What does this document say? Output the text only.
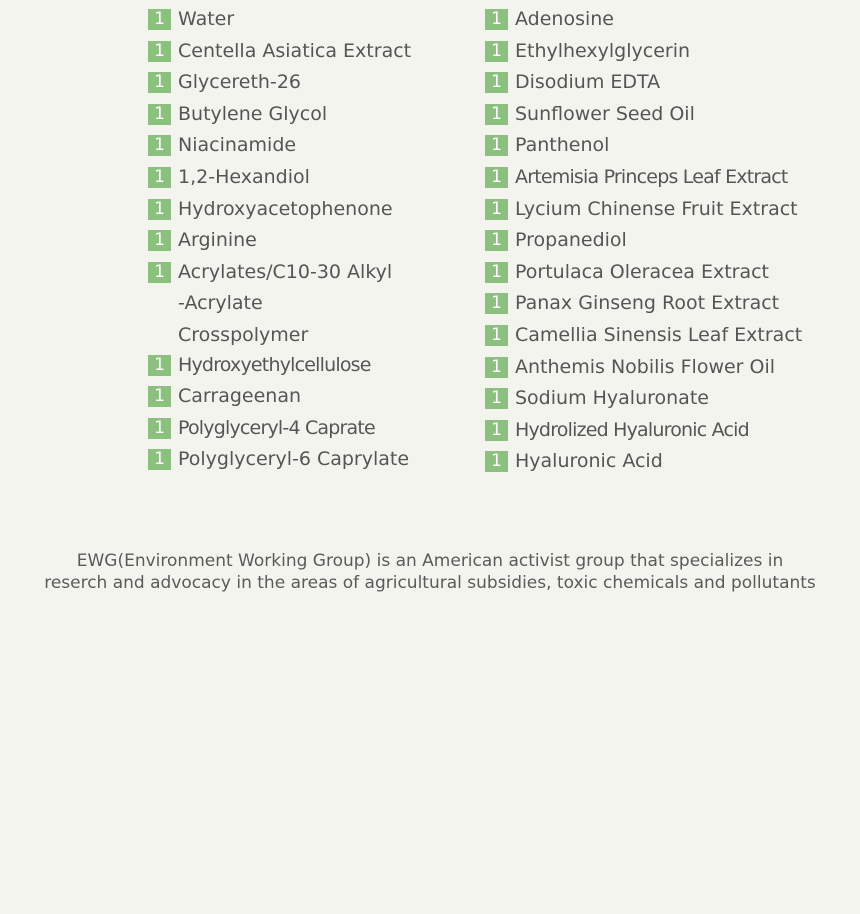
1 Water
1 Centella Asiatica Extract
1 Glycereth-26
1 Butylene Glycol
1 Niacinamide
1 1,2-Hexandiol
1 Hydroxyacetophenone
1 Arginine
1 Acrylates/C10-30 Alkyl -Acrylate Crosspolymer
1 Hydroxyethylcellulose
1 Carrageenan
1 Polyglyceryl-4 Caprate
1 Polyglyceryl-6 Caprylate
1 Adenosine
1 Ethylhexylglycerin
1 Disodium EDTA
1 Sunflower Seed Oil
1 Panthenol
1 Artemisia Princeps Leaf Extract
1 Lycium Chinense Fruit Extract
1 Propanediol
1 Portulaca Oleracea Extract
1 Panax Ginseng Root Extract
1 Camellia Sinensis Leaf Extract
1 Anthemis Nobilis Flower Oil
1 Sodium Hyaluronate
1 Hydrolized Hyaluronic Acid
1 Hyaluronic Acid

EWG(Environment Working Group) is an American activist group that specializes in

reserch and advocacy in the areas of agricultural subsidies, toxic chemicals and pollutants
